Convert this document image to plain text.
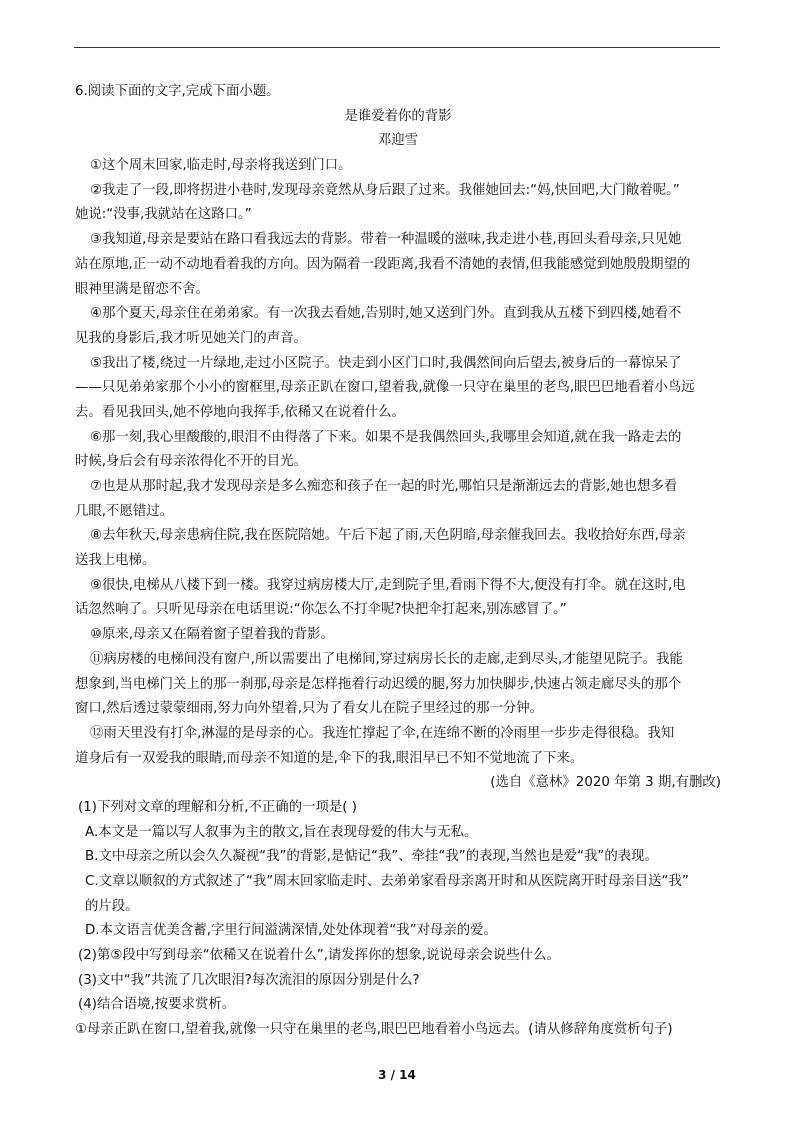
6.阅读下面的文字,完成下面小题。
是谁爱着你的背影
邓迎雪
①这个周末回家,临走时,母亲将我送到门口。
②我走了一段,即将拐进小巷时,发现母亲竟然从身后跟了过来。我催她回去:“妈,快回吧,大门敞着呢。”
她说:“没事,我就站在这路口。”
③我知道,母亲是要站在路口看我远去的背影。带着一种温暖的滋味,我走进小巷,再回头看母亲,只见她
站在原地,正一动不动地看着我的方向。因为隔着一段距离,我看不清她的表情,但我能感觉到她殷殷期望的
眼神里满是留恋不舍。
④那个夏天,母亲住在弟弟家。有一次我去看她,告别时,她又送到门外。直到我从五楼下到四楼,她看不
见我的身影后,我才听见她关门的声音。
⑤我出了楼,绕过一片绿地,走过小区院子。快走到小区门口时,我偶然间向后望去,被身后的一幕惊呆了
——只见弟弟家那个小小的窗框里,母亲正趴在窗口,望着我,就像一只守在巢里的老鸟,眼巴巴地看着小鸟远
去。看见我回头,她不停地向我挥手,依稀又在说着什么。
⑥那一刻,我心里酸酸的,眼泪不由得落了下来。如果不是我偶然回头,我哪里会知道,就在我一路走去的
时候,身后会有母亲浓得化不开的目光。
⑦也是从那时起,我才发现母亲是多么痴恋和孩子在一起的时光,哪怕只是渐渐远去的背影,她也想多看
几眼,不愿错过。
⑧去年秋天,母亲患病住院,我在医院陪她。午后下起了雨,天色阴暗,母亲催我回去。我收拾好东西,母亲
送我上电梯。
⑨很快,电梯从八楼下到一楼。我穿过病房楼大厅,走到院子里,看雨下得不大,便没有打伞。就在这时,电
话忽然响了。只听见母亲在电话里说:“你怎么不打伞呢?快把伞打起来,别冻感冒了。”
⑩原来,母亲又在隔着窗子望着我的背影。
⑪病房楼的电梯间没有窗户,所以需要出了电梯间,穿过病房长长的走廊,走到尽头,才能望见院子。我能
想象到,当电梯门关上的那一刹那,母亲是怎样拖着行动迟缓的腿,努力加快脚步,快速占领走廊尽头的那个
窗口,然后透过蒙蒙细雨,努力向外望着,只为了看女儿在院子里经过的那一分钟。
⑫雨天里没有打伞,淋湿的是母亲的心。我连忙撑起了伞,在连绵不断的冷雨里一步步走得很稳。我知
道身后有一双爱我的眼睛,而母亲不知道的是,伞下的我,眼泪早已不知不觉地流了下来。
(选自《意林》2020 年第 3 期,有删改)
(1)下列对文章的理解和分析,不正确的一项是( )
A.本文是一篇以写人叙事为主的散文,旨在表现母爱的伟大与无私。
B.文中母亲之所以会久久凝视“我”的背影,是惦记“我”、牵挂“我”的表现,当然也是爱“我”的表现。
C.文章以顺叙的方式叙述了“我”周末回家临走时、去弟弟家看母亲离开时和从医院离开时母亲目送“我”
的片段。
D.本文语言优美含蓄,字里行间溢满深情,处处体现着“我”对母亲的爱。
(2)第⑤段中写到母亲“依稀又在说着什么”,请发挥你的想象,说说母亲会说些什么。
(3)文中“我”共流了几次眼泪?每次流泪的原因分别是什么?
(4)结合语境,按要求赏析。
①母亲正趴在窗口,望着我,就像一只守在巢里的老鸟,眼巴巴地看着小鸟远去。(请从修辞角度赏析句子)
3 / 14
